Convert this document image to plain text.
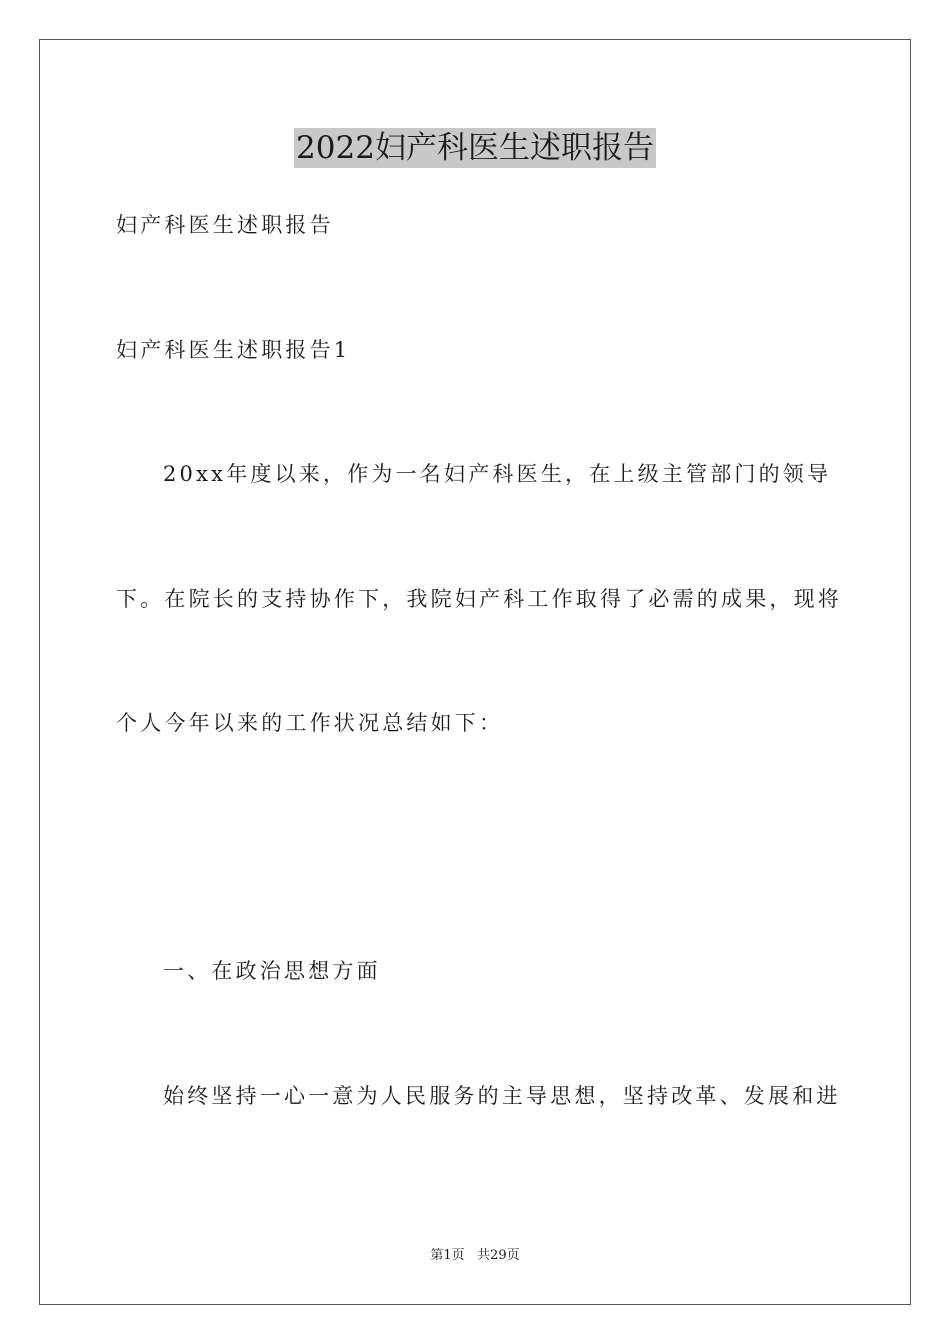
2022妇产科医生述职报告
妇产科医生述职报告
妇产科医生述职报告1
20xx年度以来，作为一名妇产科医生，在上级主管部门的领导
下。在院长的支持协作下，我院妇产科工作取得了必需的成果，现将
个人今年以来的工作状况总结如下：
一、在政治思想方面
始终坚持一心一意为人民服务的主导思想，坚持改革、发展和进
第1页   共29页
